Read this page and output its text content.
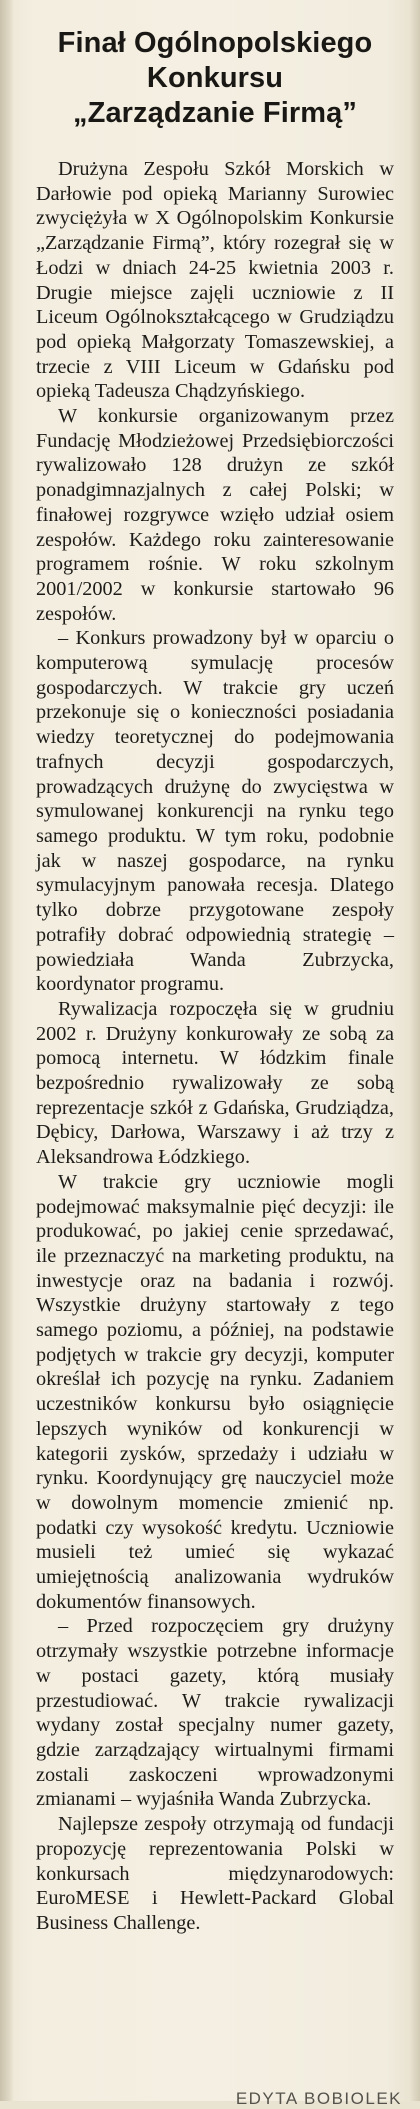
Finał Ogólnopolskiego
Konkursu
„Zarządzanie Firmą”

Drużyna Zespołu Szkół Morskich w Darłowie pod opieką Marianny Surowiec zwyciężyła w X Ogólnopolskim Konkursie „Zarządzanie Firmą”, który rozegrał się w Łodzi w dniach 24-25 kwietnia 2003 r. Drugie miejsce zajęli uczniowie z II Liceum Ogólnokształcącego w Grudziądzu pod opieką Małgorzaty Tomaszewskiej, a trzecie z VIII Liceum w Gdańsku pod opieką Tadeusza Chądzyńskiego.

W konkursie organizowanym przez Fundację Młodzieżowej Przedsiębiorczości rywalizowało 128 drużyn ze szkół ponadgimnazjalnych z całej Polski; w finałowej rozgrywce wzięło udział osiem zespołów. Każdego roku zainteresowanie programem rośnie. W roku szkolnym 2001/2002 w konkursie startowało 96 zespołów.

– Konkurs prowadzony był w oparciu o komputerową symulację procesów gospodarczych. W trakcie gry uczeń przekonuje się o konieczności posiadania wiedzy teoretycznej do podejmowania trafnych decyzji gospodarczych, prowadzących drużynę do zwycięstwa w symulowanej konkurencji na rynku tego samego produktu. W tym roku, podobnie jak w naszej gospodarce, na rynku symulacyjnym panowała recesja. Dlatego tylko dobrze przygotowane zespoły potrafiły dobrać odpowiednią strategię – powiedziała Wanda Zubrzycka, koordynator programu.

Rywalizacja rozpoczęła się w grudniu 2002 r. Drużyny konkurowały ze sobą za pomocą internetu. W łódzkim finale bezpośrednio rywalizowały ze sobą reprezentacje szkół z Gdańska, Grudziądza, Dębicy, Darłowa, Warszawy i aż trzy z Aleksandrowa Łódzkiego.

W trakcie gry uczniowie mogli podejmować maksymalnie pięć decyzji: ile produkować, po jakiej cenie sprzedawać, ile przeznaczyć na marketing produktu, na inwestycje oraz na badania i rozwój. Wszystkie drużyny startowały z tego samego poziomu, a później, na podstawie podjętych w trakcie gry decyzji, komputer określał ich pozycję na rynku. Zadaniem uczestników konkursu było osiągnięcie lepszych wyników od konkurencji w kategorii zysków, sprzedaży i udziału w rynku. Koordynujący grę nauczyciel może w dowolnym momencie zmienić np. podatki czy wysokość kredytu. Uczniowie musieli też umieć się wykazać umiejętnością analizowania wydruków dokumentów finansowych.

– Przed rozpoczęciem gry drużyny otrzymały wszystkie potrzebne informacje w postaci gazety, którą musiały przestudiować. W trakcie rywalizacji wydany został specjalny numer gazety, gdzie zarządzający wirtualnymi firmami zostali zaskoczeni wprowadzonymi zmianami – wyjaśniła Wanda Zubrzycka.

Najlepsze zespoły otrzymają od fundacji propozycję reprezentowania Polski w konkursach międzynarodowych: EuroMESE i Hewlett-Packard Global Business Challenge.

EDYTA BOBIOLEK
